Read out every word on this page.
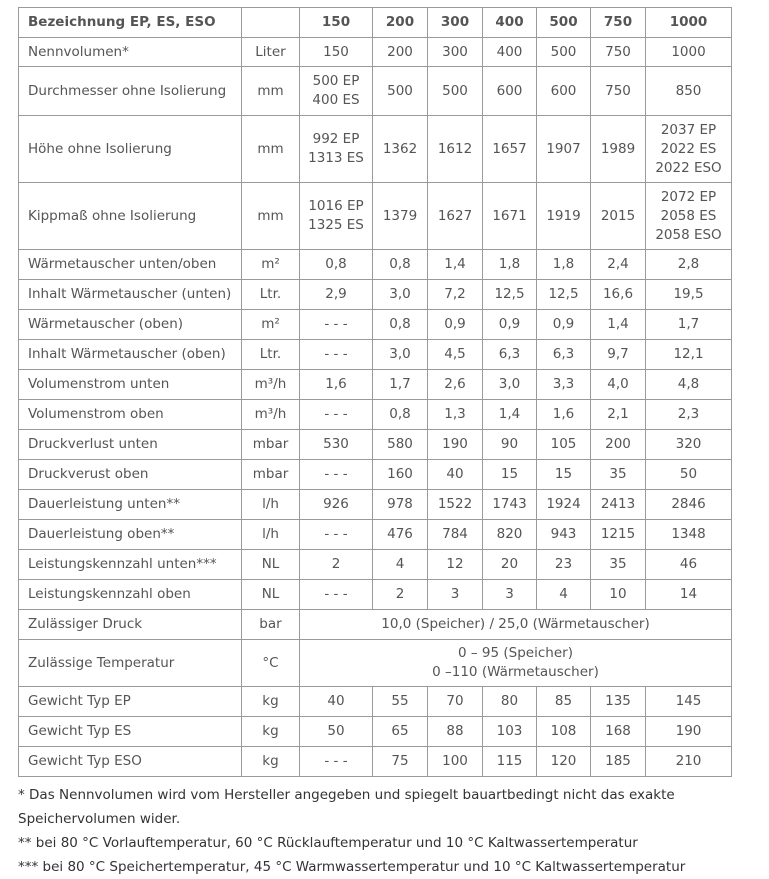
Bezeichnung EP, ES, ESO		150	200	300	400	500	750	1000
Nennvolumen*	Liter	150	200	300	400	500	750	1000

Durchmesser ohne Isolierung	mm	500 EP
400 ES	500	500	600	600	750	850

Höhe ohne Isolierung	mm	992 EP
1313 ES	1362	1612	1657	1907	1989	2037 EP
2022 ES
2022 ESO

Kippmaß ohne Isolierung	mm	1016 EP
1325 ES	1379	1627	1671	1919	2015	2072 EP
2058 ES
2058 ESO

Wärmetauscher unten/oben	m²	0,8	0,8	1,4	1,8	1,8	2,4	2,8

Inhalt Wärmetauscher (unten)	Ltr.	2,9	3,0	7,2	12,5	12,5	16,6	19,5

Wärmetauscher (oben)	m²	- - -	0,8	0,9	0,9	0,9	1,4	1,7

Inhalt Wärmetauscher (oben)	Ltr.	- - -	3,0	4,5	6,3	6,3	9,7	12,1

Volumenstrom unten	m³/h	1,6	1,7	2,6	3,0	3,3	4,0	4,8

Volumenstrom oben	m³/h	- - -	0,8	1,3	1,4	1,6	2,1	2,3

Druckverlust unten	mbar	530	580	190	90	105	200	320

Druckverust oben	mbar	- - -	160	40	15	15	35	50

Dauerleistung unten**	l/h	926	978	1522	1743	1924	2413	2846

Dauerleistung oben**	l/h	- - -	476	784	820	943	1215	1348

Leistungskennzahl unten***	NL	2	4	12	20	23	35	46

Leistungskennzahl oben	NL	- - -	2	3	3	4	10	14

Zulässiger Druck	bar	10,0 (Speicher) / 25,0 (Wärmetauscher)						

Zulässige Temperatur	°C	0 – 95 (Speicher)
0 –110 (Wärmetauscher)						

Gewicht Typ EP	kg	40	55	70	80	85	135	145

Gewicht Typ ES	kg	50	65	88	103	108	168	190

Gewicht Typ ESO	kg	- - -	75	100	115	120	185	210

* Das Nennvolumen wird vom Hersteller angegeben und spiegelt bauartbedingt nicht das exakte Speichervolumen wider.

** bei 80 °C Vorlauftemperatur, 60 °C Rücklauftemperatur und 10 °C Kaltwassertemperatur

*** bei 80 °C Speichertemperatur, 45 °C Warmwassertemperatur und 10 °C Kaltwassertemperatur
